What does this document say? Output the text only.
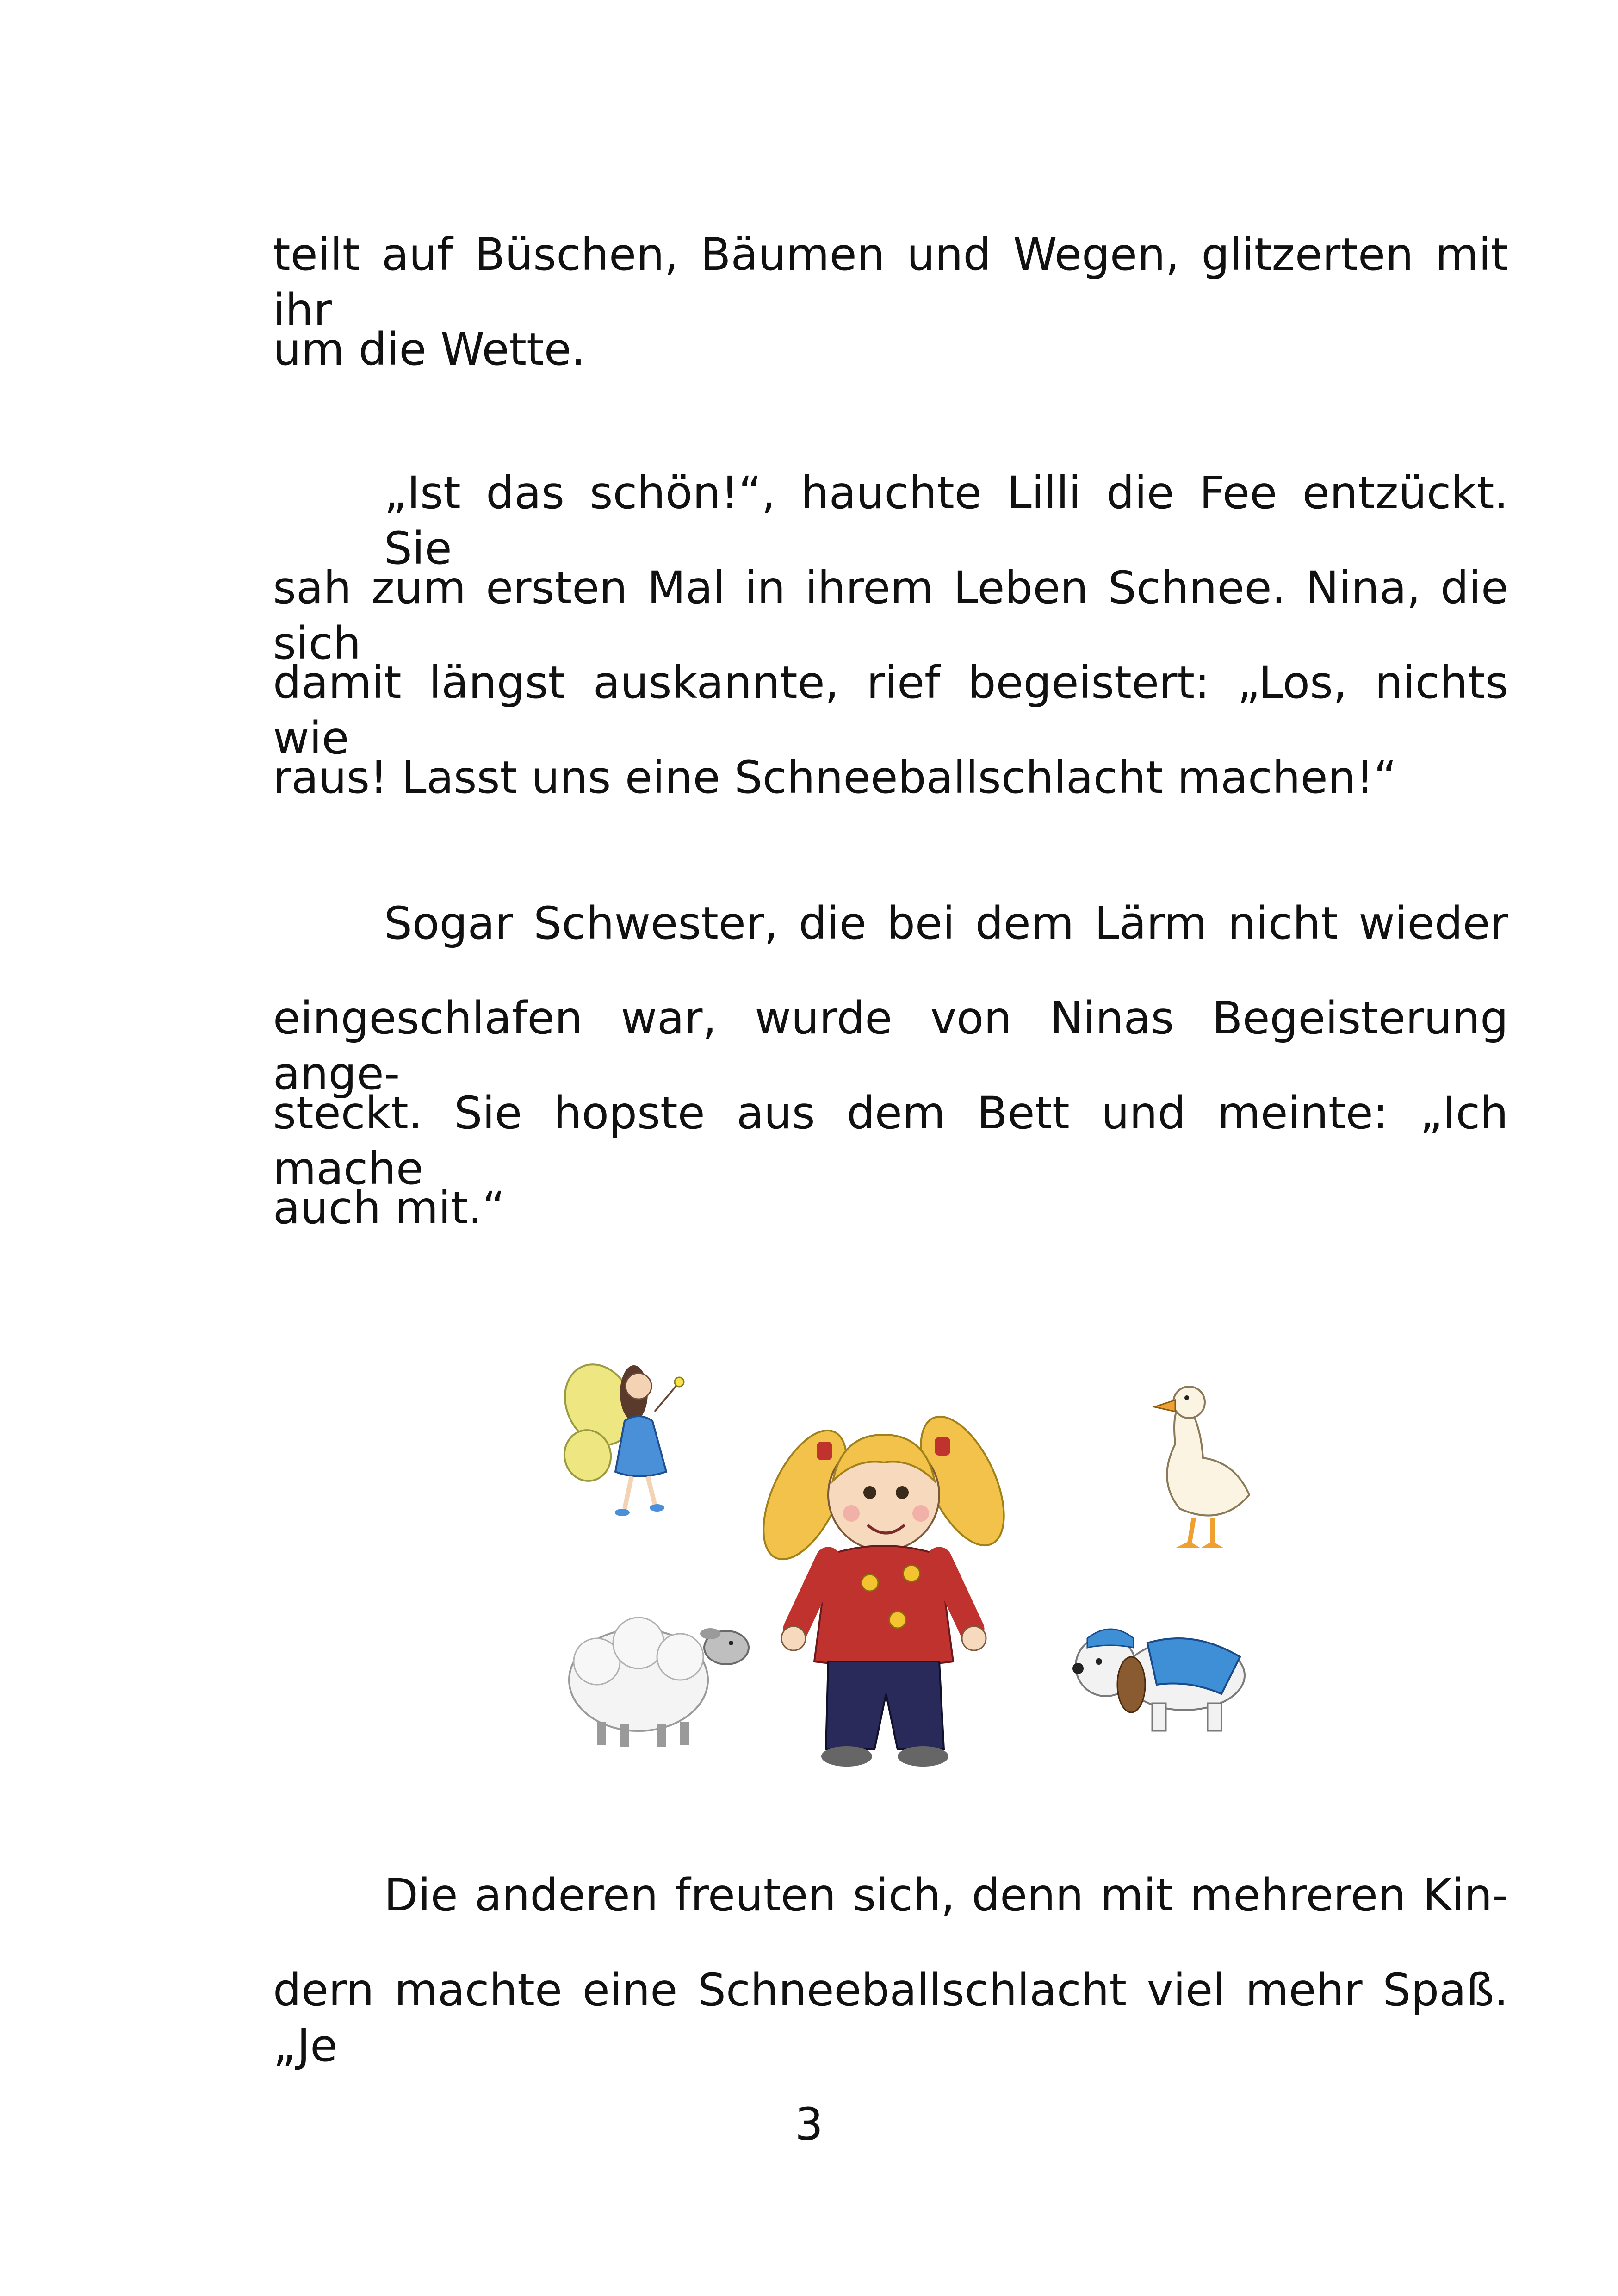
teilt auf Büschen, Bäumen und Wegen, glitzerten mit ihr
um die Wette.
„Ist das schön!“, hauchte Lilli die Fee entzückt. Sie
sah zum ersten Mal in ihrem Leben Schnee. Nina, die sich
damit längst auskannte, rief begeistert: „Los, nichts wie
raus! Lasst uns eine Schneeballschlacht machen!“
Sogar Schwester, die bei dem Lärm nicht wieder
eingeschlafen war, wurde von Ninas Begeisterung ange-
steckt. Sie hopste aus dem Bett und meinte: „Ich mache
auch mit.“
Die anderen freuten sich, denn mit mehreren Kin-
dern machte eine Schneeballschlacht viel mehr Spaß. „Je
3
